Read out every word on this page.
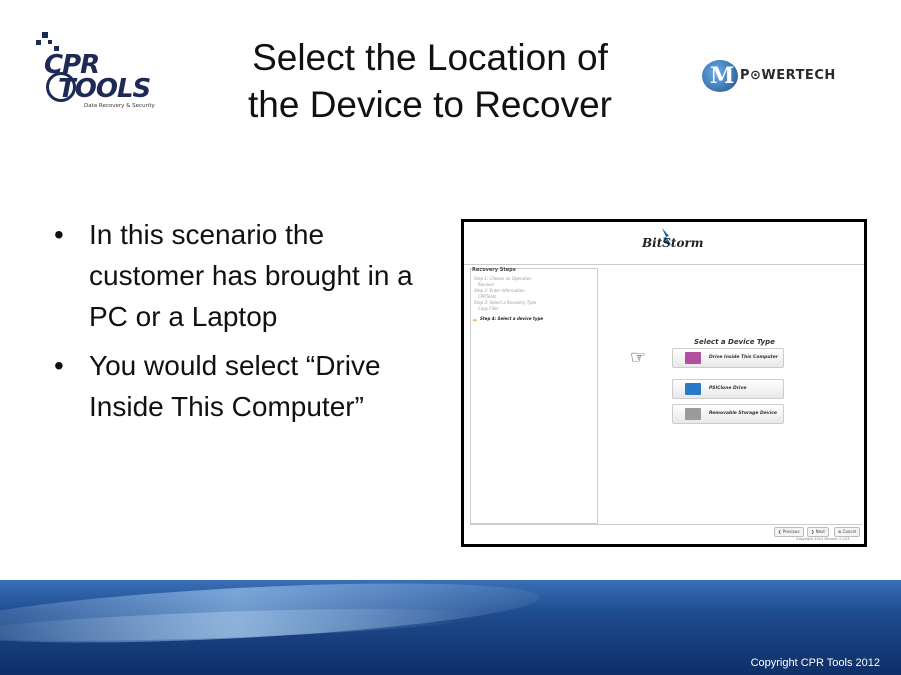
CPR
TOOLS
Data Recovery & Security
Select the Location of
the Device to Recover
M P⊙WERTECH
• In this scenario the customer has brought in a PC or a Laptop
• You would select “Drive Inside This Computer”
BitStorm
Recovery Steps
Step 1: Choose an Operation
Recover
Step 2: Enter Information
CPRTools
Step 3: Select a Recovery Type
Copy Files
➜ Step 4: Select a device type
Select a Device Type
☞	Drive Inside This Computer
PSIClone Drive
Removable Storage Device
❮ Previous	❯ Next	⊗ Cancel
Copyright 2014 Version: 0.103
Copyright CPR Tools 2012
